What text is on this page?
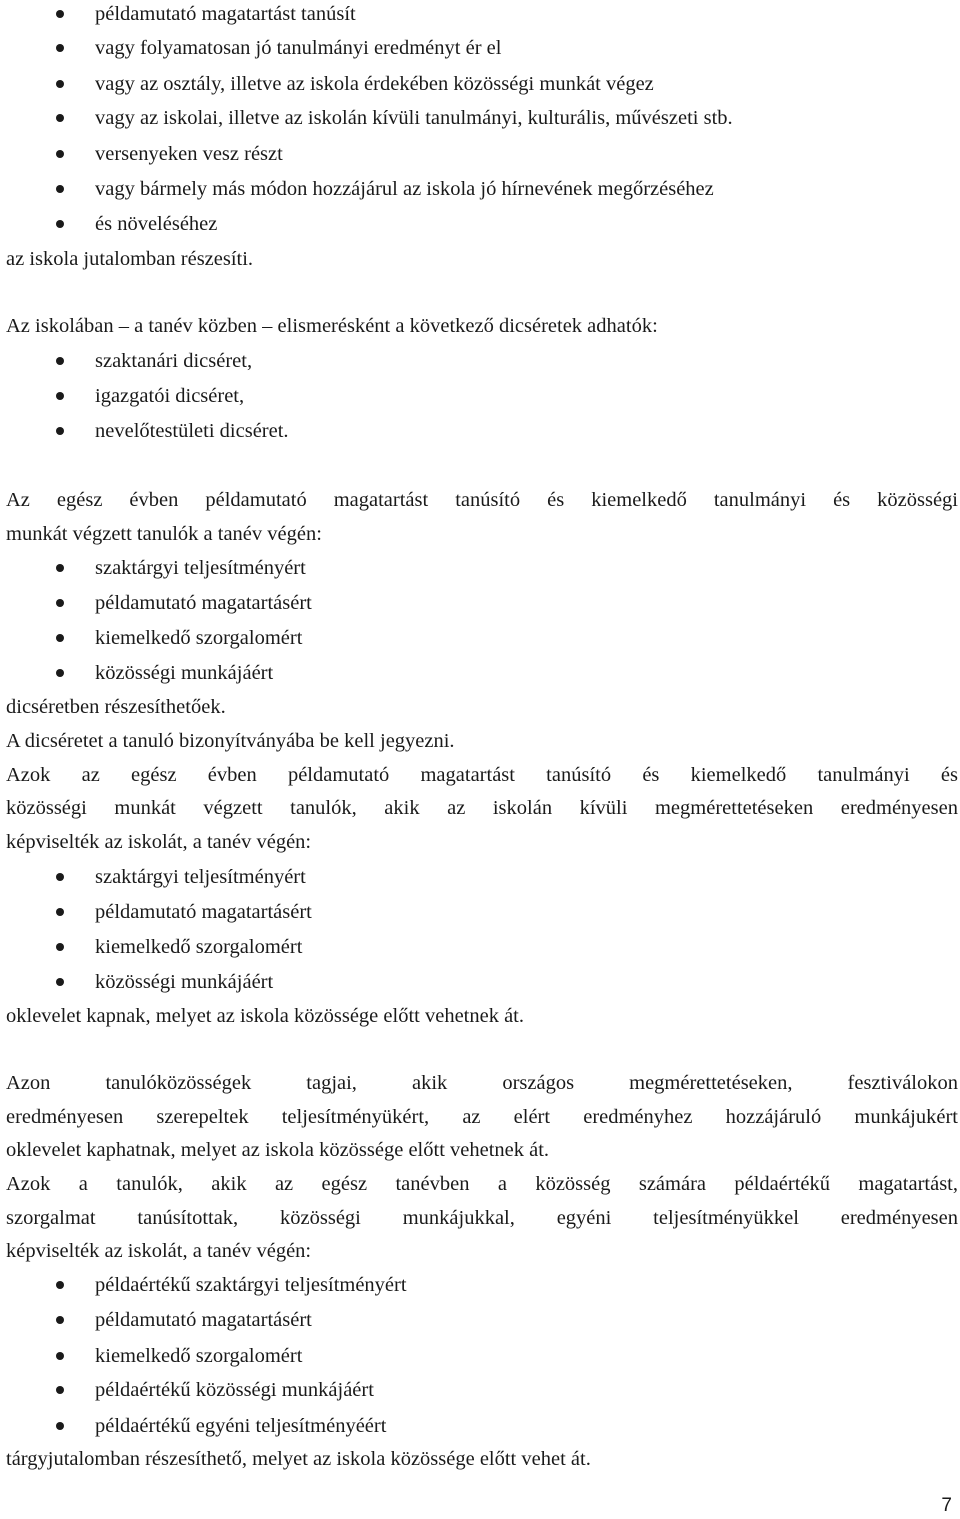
példamutató magatartást tanúsít
vagy folyamatosan jó tanulmányi eredményt ér el
vagy az osztály, illetve az iskola érdekében közösségi munkát végez
vagy az iskolai, illetve az iskolán kívüli tanulmányi, kulturális, művészeti stb.
versenyeken vesz részt
vagy bármely más módon hozzájárul az iskola jó hírnevének megőrzéséhez
és növeléséhez
az iskola jutalomban részesíti.
Az iskolában – a tanév közben – elismerésként a következő dicséretek adhatók:
szaktanári dicséret,
igazgatói dicséret,
nevelőtestületi dicséret.
Az egész évben példamutató magatartást tanúsító és kiemelkedő tanulmányi és közösségi
munkát végzett tanulók a tanév végén:
szaktárgyi teljesítményért
példamutató magatartásért
kiemelkedő szorgalomért
közösségi munkájáért
dicséretben részesíthetőek.
A dicséretet a tanuló bizonyítványába be kell jegyezni.
Azok az egész évben példamutató magatartást tanúsító és kiemelkedő tanulmányi és
közösségi munkát végzett tanulók, akik az iskolán kívüli megmérettetéseken eredményesen
képviselték az iskolát, a tanév végén:
szaktárgyi teljesítményért
példamutató magatartásért
kiemelkedő szorgalomért
közösségi munkájáért
oklevelet kapnak, melyet az iskola közössége előtt vehetnek át.
Azon tanulóközösségek tagjai, akik országos megmérettetéseken, fesztiválokon
eredményesen szerepeltek teljesítményükért, az elért eredményhez hozzájáruló munkájukért
oklevelet kaphatnak, melyet az iskola közössége előtt vehetnek át.
Azok a tanulók, akik az egész tanévben a közösség számára példaértékű magatartást,
szorgalmat tanúsítottak, közösségi munkájukkal, egyéni teljesítményükkel eredményesen
képviselték az iskolát, a tanév végén:
példaértékű szaktárgyi teljesítményért
példamutató magatartásért
kiemelkedő szorgalomért
példaértékű közösségi munkájáért
példaértékű egyéni teljesítményéért
tárgyjutalomban részesíthető, melyet az iskola közössége előtt vehet át.
7
